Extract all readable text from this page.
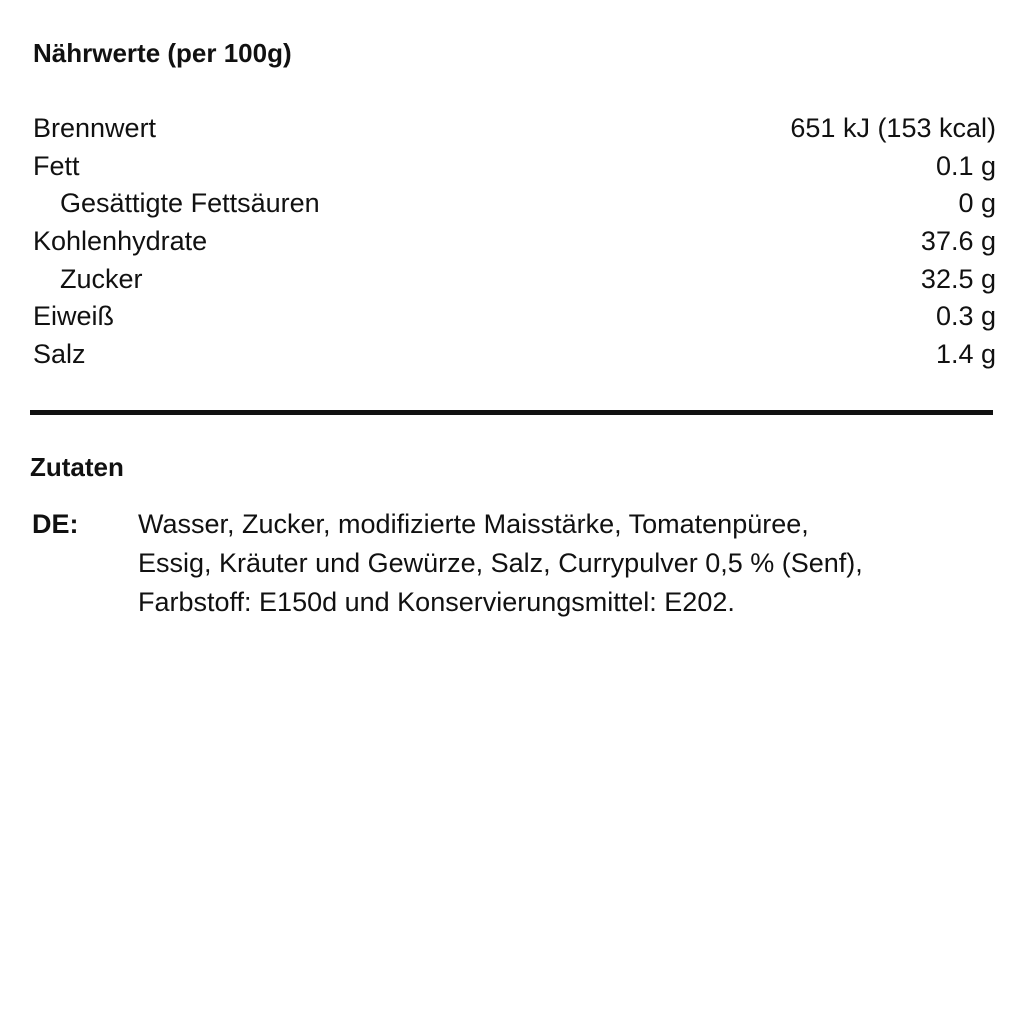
Nährwerte (per 100g)
Brennwert	651 kJ (153 kcal)
Fett	0.1 g
Gesättigte Fettsäuren	0 g
Kohlenhydrate	37.6 g
Zucker	32.5 g
Eiweiß	0.3 g
Salz	1.4 g
Zutaten
DE:	Wasser, Zucker, modifizierte Maisstärke, Tomatenpüree,
Essig, Kräuter und Gewürze, Salz, Currypulver 0,5 % (Senf),
Farbstoff: E150d und Konservierungsmittel: E202.
